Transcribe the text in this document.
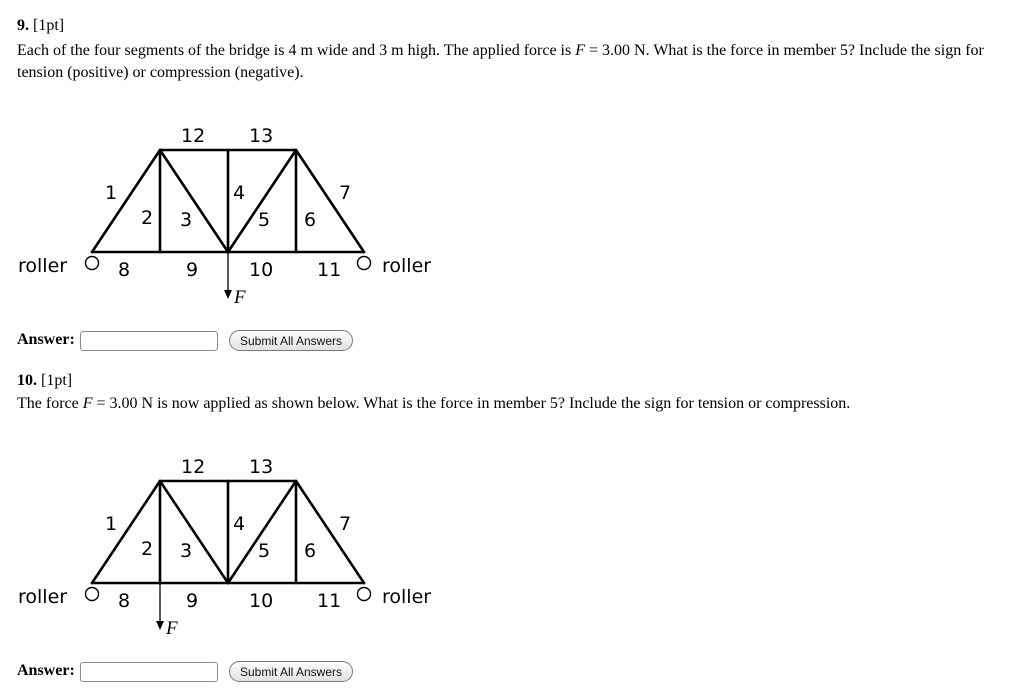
9. [1pt]
Each of the four segments of the bridge is 4 m wide and 3 m high. The applied force is F = 3.00 N. What is the force in member 5? Include the sign for tension (positive) or compression (negative).
F
roller	roller
1
2 3
4
5 6
7
8	9	10 11
12 13
Answer:	Submit All Answers
10. [1pt]
The force F = 3.00 N is now applied as shown below. What is the force in member 5? Include the sign for tension or compression.
F
roller	roller
1
2 3
4
5 6
7
8	9	10 11
12 13
Answer:	Submit All Answers
